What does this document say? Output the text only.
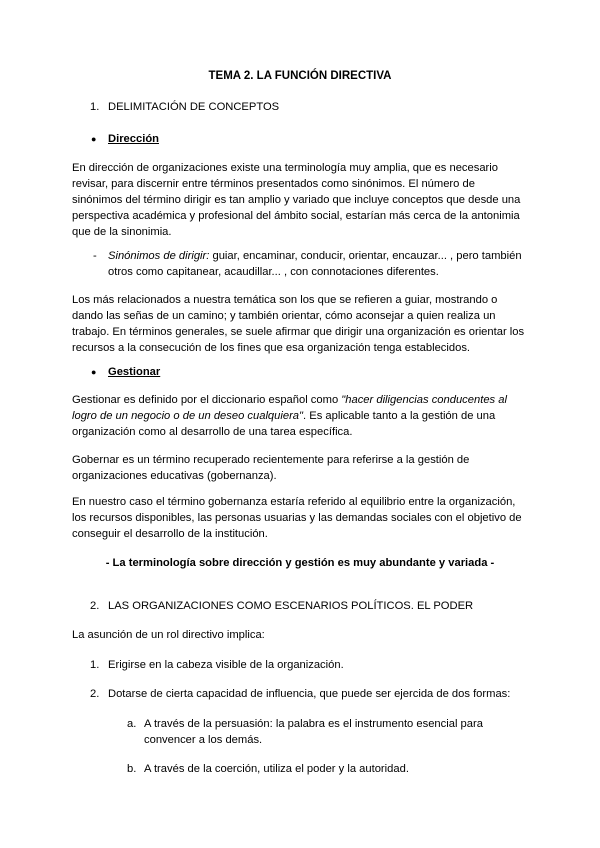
TEMA 2. LA FUNCIÓN DIRECTIVA
1. DELIMITACIÓN DE CONCEPTOS
● Dirección

En dirección de organizaciones existe una terminología muy amplia, que es necesario revisar, para discernir entre términos presentados como sinónimos. El número de sinónimos del término dirigir es tan amplio y variado que incluye conceptos que desde una perspectiva académica y profesional del ámbito social, estarían más cerca de la antonimia que de la sinonimia.

- Sinónimos de dirigir: guiar, encaminar, conducir, orientar, encauzar... , pero también otros como capitanear, acaudillar... , con connotaciones diferentes.

Los más relacionados a nuestra temática son los que se refieren a guiar, mostrando o dando las señas de un camino; y también orientar, cómo aconsejar a quien realiza un trabajo. En términos generales, se suele afirmar que dirigir una organización es orientar los recursos a la consecución de los fines que esa organización tenga establecidos.

● Gestionar

Gestionar es definido por el diccionario español como "hacer diligencias conducentes al logro de un negocio o de un deseo cualquiera". Es aplicable tanto a la gestión de una organización como al desarrollo de una tarea específica.

Gobernar es un término recuperado recientemente para referirse a la gestión de organizaciones educativas (gobernanza).

En nuestro caso el término gobernanza estaría referido al equilibrio entre la organización, los recursos disponibles, las personas usuarias y las demandas sociales con el objetivo de conseguir el desarrollo de la institución.

- La terminología sobre dirección y gestión es muy abundante y variada -
2. LAS ORGANIZACIONES COMO ESCENARIOS POLÍTICOS. EL PODER
La asunción de un rol directivo implica:
1. Erigirse en la cabeza visible de la organización.
2. Dotarse de cierta capacidad de influencia, que puede ser ejercida de dos formas:
a. A través de la persuasión: la palabra es el instrumento esencial para convencer a los demás.

b. A través de la coerción, utiliza el poder y la autoridad.
